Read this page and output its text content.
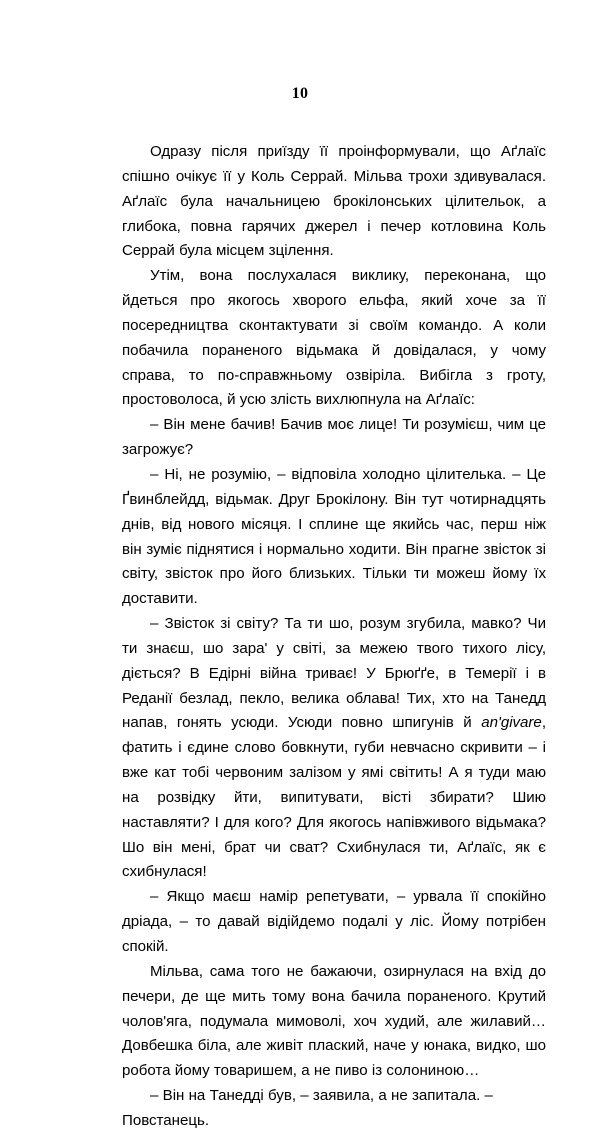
10

Одразу після приїзду її проінформували, що Аґлаїс спішно очікує її у Коль Серрай. Мільва трохи здивувалася. Аґлаїс була начальницею брокілонських цілительок, а глибока, повна гарячих джерел і печер котловина Коль Серрай була місцем зцілення.

Утім, вона послухалася виклику, переконана, що йдеться про якогось хворого ельфа, який хоче за її посередництва сконтактувати зі своїм командо. А коли побачила пораненого відьмака й довідалася, у чому справа, то по-справжньому озвіріла. Вибігла з гроту, простоволоса, й усю злість вихлюпнула на Аґлаїс:

– Він мене бачив! Бачив моє лице! Ти розумієш, чим це загрожує?

– Ні, не розумію, – відповіла холодно цілителька. – Це Ґвинблейдд, відьмак. Друг Брокілону. Він тут чотирнадцять днів, від нового місяця. І сплине ще якийсь час, перш ніж він зуміє піднятися і нормально ходити. Він прагне звісток зі світу, звісток про його близьких. Тільки ти можеш йому їх доставити.

– Звісток зі світу? Та ти шо, розум згубила, мавко? Чи ти знаєш, шо зара' у світі, за межею твого тихого лісу, діється? В Едірні війна триває! У Брюґґе, в Темерії і в Реданії безлад, пекло, велика облава! Тих, хто на Танедд напав, гонять усюди. Усюди повно шпигунів й an'givare, фатить і єдине слово бовкнути, губи невчасно скривити – і вже кат тобі червоним залізом у ямі світить! А я туди маю на розвідку йти, випитувати, вісті збирати? Шию наставляти? І для кого? Для якогось напівживого відьмака? Шо він мені, брат чи сват? Схибнулася ти, Аґлаїс, як є схибнулася!

– Якщо маєш намір репетувати, – урвала її спокійно дріада, – то давай відійдемо подалі у ліс. Йому потрібен спокій.

Мільва, сама того не бажаючи, озирнулася на вхід до печери, де ще мить тому вона бачила пораненого. Крутий чолов'яга, подумала мимоволі, хоч худий, але жилавий… Довбешка біла, але живіт плаский, наче у юнака, видко, шо робота йому товаришем, а не пиво із солониною…

– Він на Танедді був, – заявила, а не запитала. – Повстанець.
